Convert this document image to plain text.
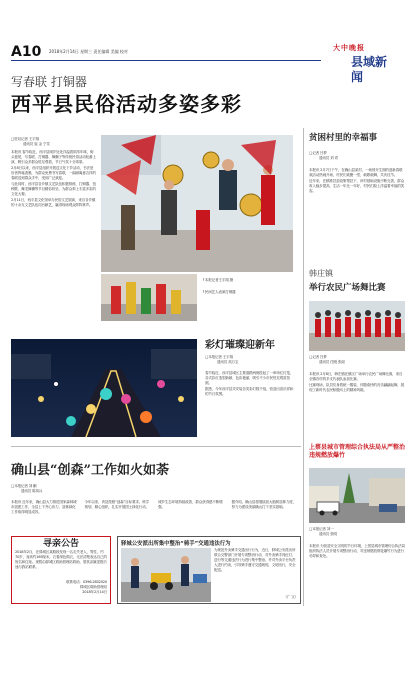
A10 2018年2月14日 星期三 责任编辑 美编 校对	大中晚报
县域新闻
写春联 打铜器
西平县民俗活动多姿多彩
□驻站记者 王宇翔
通讯员 崔 金 宁雪

本报讯 春节临近，西平县城乡处处洋溢着浓浓年味，街头巷尾，写春联、打铜器、舞狮子等传统民俗活动轮番上演，吸引众多群众驻足观看，节日气氛十分浓厚。

2月8日以来，西平县组织开展送文化下乡活动，书法爱好者挥毫泼墨，为群众免费书写春联，一副副寓意吉祥的春联送到群众手中，受到广泛欢迎。

与此同时，西平县各乡镇文艺队伍积极排练，打铜器、扭秧歌、舞龙舞狮等节目精彩纷呈，为群众奉上丰富多彩的文化大餐。

2月11日，西平县文化馆举办民俗文艺展演，来自各乡镇的十余支文艺队伍同台献艺，赢得现场观众阵阵掌声。

↑本报记者王宇翔 摄
↑民间艺人表演打铜器
彩灯璀璨迎新年
□本报记者 王宇翔
通讯员 高万宝

春节临近，西平县城区主要道路两侧挂起了一串串红灯笼，各式彩灯造型新颖、色彩艳丽，吸引不少市民驻足观赏拍照。

据悉，今年西平县共安装各类彩灯数千组，营造出喜庆祥和的节日氛围。

贫困村里的幸福事
□记者 吕梦
通讯员 刘 青

本报讯 2月7日下午，在确山县某村，一场别开生面的迎新春联欢活动热闹开场，村民们欢聚一堂，载歌载舞，共庆佳节。

近年来，在精准扶贫政策帮扶下，该村基础设施不断完善，群众收入稳步提高，生活一年比一年好，村民们脸上洋溢着幸福的笑容。

韩庄镇
举行农民广场舞比赛
□记者 吕梦
通讯员 任刚 张丽

本报讯 2月8日，韩庄镇在镇区广场举行农民广场舞比赛，来自全镇各村的多支代表队参加比赛。

比赛现场，队员们身着统一服装，伴随欢快的音乐翩翩起舞，展现了新时代农民积极向上的精神风貌。

上蔡县城市管理综合执法局从严整治违规燃放爆竹
□本报记者 刘一
通讯员 张明
本报讯 为营造安全文明的节日环境，上蔡县城市管理综合执法局组织执法人员开展专项整治行动，对违规燃放烟花爆竹行为进行劝导和查处。
确山县“创森”工作如火如荼
□本报记者 刘 鹏
通讯员 陈凤兵

本报讯 近年来，确山县大力推进国家森林城市创建工作，全县上下齐心协力，造林绿化工作取得明显成效。

今年以来，该县按照“创森”目标要求，科学规划、精心组织，扎实开展国土绿化行动，城乡生态环境持续改善，群众获得感不断增强。

据介绍，确山县将继续加大植树造林力度，努力为建设美丽确山打下坚实基础。

寻亲公告
2018年2月，在驿城区某路段发现一名走失老人，男性，约70岁，身高约165厘米，衣着深色棉衣，无法清楚表达自己的姓名和住址。现暂由驿城区救助管理站救助，望其亲属见报后速与我站联系。
联系电话：0396-2832020
驿城区救助管理站
2018年2月14日
驿城公安派出所集中整治“骑手”交通违法行为
为规范外卖骑手交通出行行为，近日，驿城公安派出所联合交警部门开展专项整治行动，对外卖骑手闯红灯、逆行等交通违法行为进行集中整治，并对外卖平台负责人进行约谈，引导骑手遵守交通规则，文明出行，安全配送。
（广 文）
